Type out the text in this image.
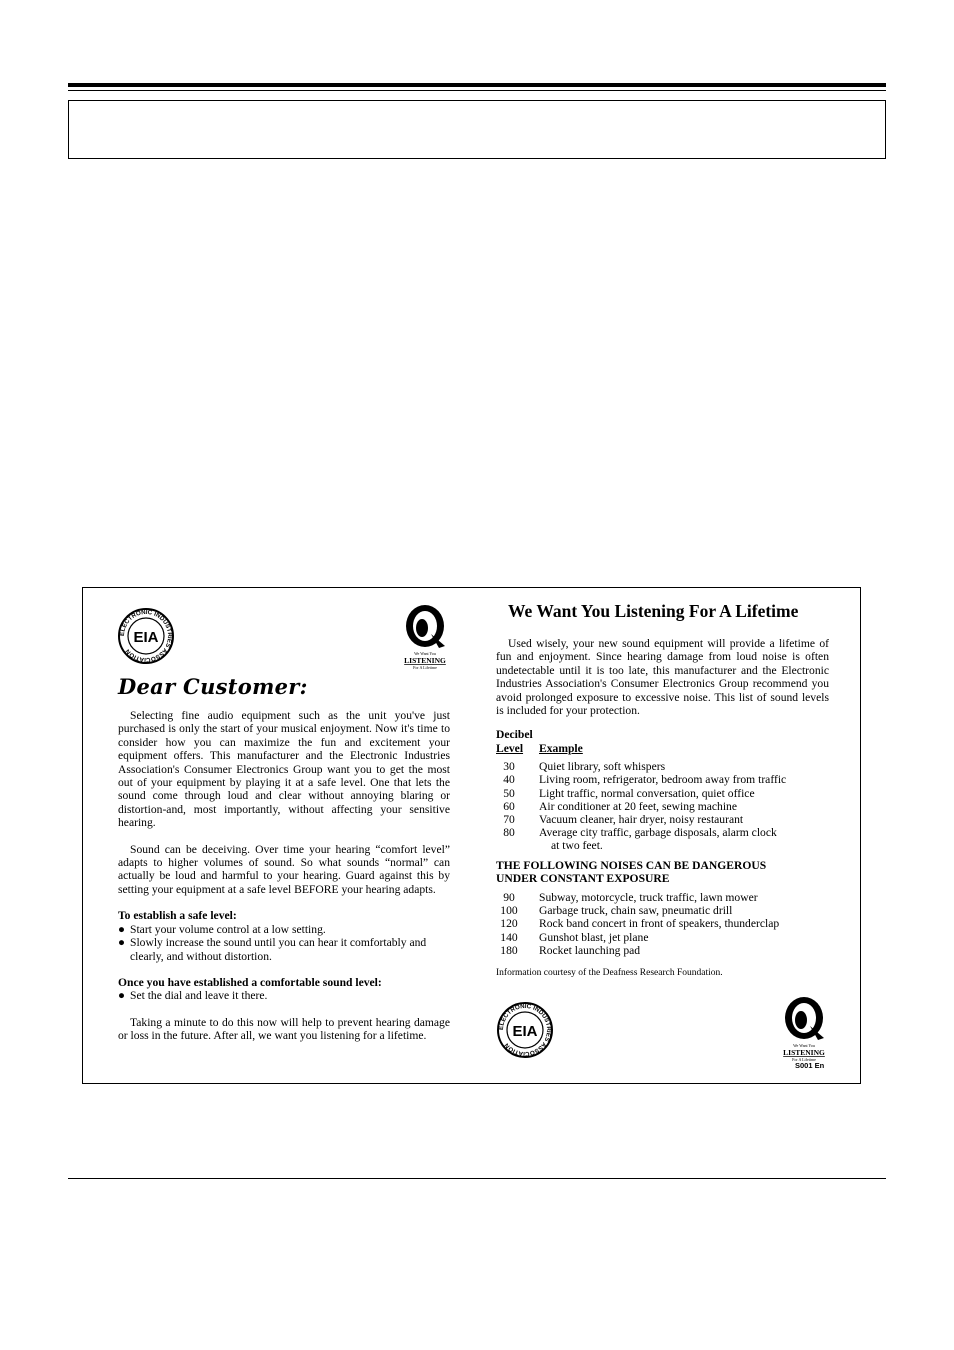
ELECTRONIC INDUSTRIES ASSOCIATION
EIA
We Want You
LISTENING
For A Lifetime
Dear Customer:

Selecting fine audio equipment such as the unit you've just purchased is only the start of your musical enjoyment. Now it's time to consider how you can maximize the fun and excitement your equipment offers. This manufacturer and the Electronic Industries Association's Consumer Electronics Group want you to get the most out of your equipment by playing it at a safe level. One that lets the sound come through loud and clear without annoying blaring or distortion-and, most importantly, without affecting your sensitive hearing.

Sound can be deceiving. Over time your hearing “comfort level” adapts to higher volumes of sound. So what sounds “normal” can actually be loud and harmful to your hearing. Guard against this by setting your equipment at a safe level BEFORE your hearing adapts.

To establish a safe level:
● Start your volume control at a low setting.
● Slowly increase the sound until you can hear it comfortably and clearly, and without distortion.
Once you have established a comfortable sound level:
● Set the dial and leave it there.

Taking a minute to do this now will help to prevent hearing damage or loss in the future. After all, we want you listening for a lifetime.

We Want You Listening For A Lifetime

Used wisely, your new sound equipment will provide a lifetime of fun and enjoyment. Since hearing damage from loud noise is often undetectable until it is too late, this manufacturer and the Electronic Industries Association's Consumer Electronics Group recommend you avoid prolonged exposure to excessive noise. This list of sound levels is included for your protection.

Decibel
Level	Example
30	Quiet library, soft whispers
40	Living room, refrigerator, bedroom away from traffic
50	Light traffic, normal conversation, quiet office
60	Air conditioner at 20 feet, sewing machine
70	Vacuum cleaner, hair dryer, noisy restaurant
80	Average city traffic, garbage disposals, alarm clock
at two feet.
THE FOLLOWING NOISES CAN BE DANGEROUS
UNDER CONSTANT EXPOSURE
90	Subway, motorcycle, truck traffic, lawn mower
100	Garbage truck, chain saw, pneumatic drill
120	Rock band concert in front of speakers, thunderclap
140	Gunshot blast, jet plane
180	Rocket launching pad
Information courtesy of the Deafness Research Foundation.
ELECTRONIC INDUSTRIES ASSOCIATION
EIA
We Want You
LISTENING
For A Lifetime
S001 En
